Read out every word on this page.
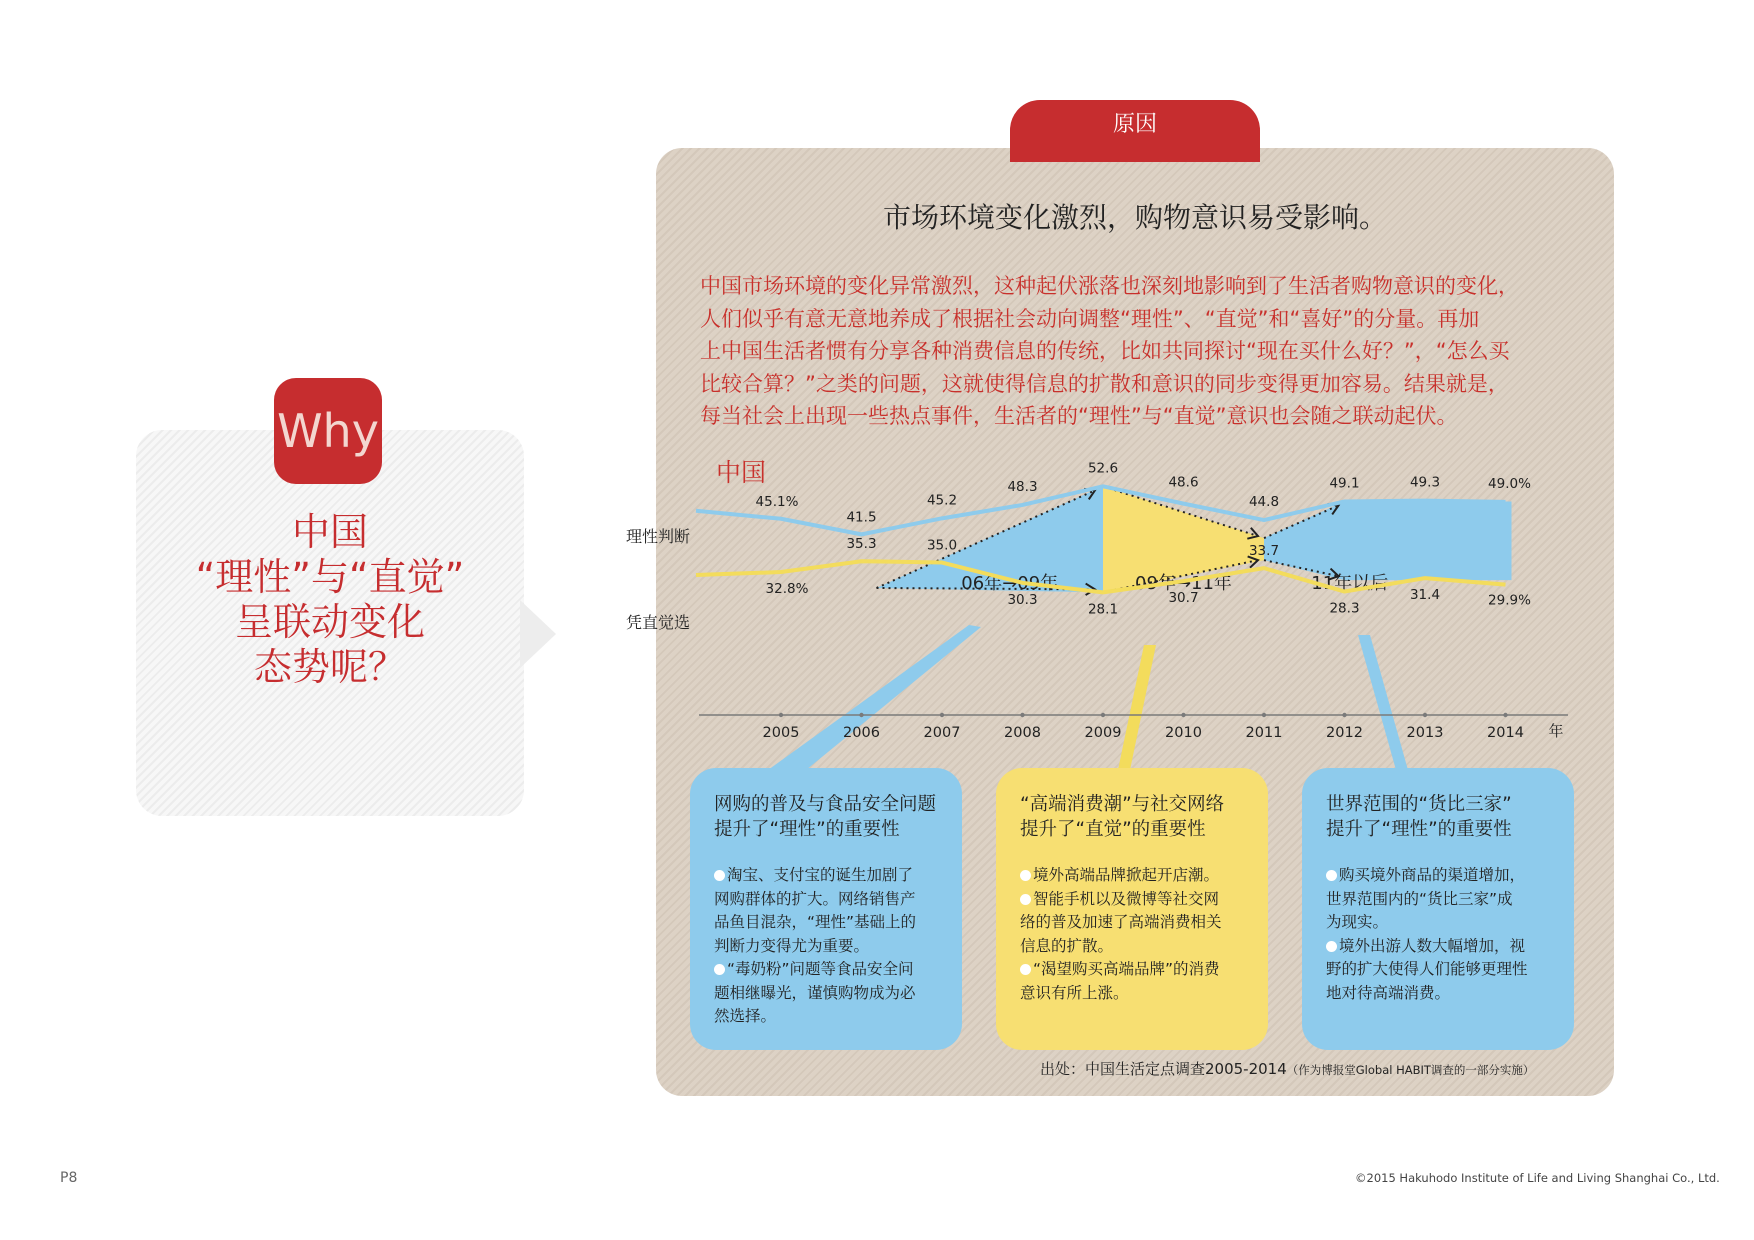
Why
中国
“理性”与“直觉”
呈联动变化
态势呢？
原因
市场环境变化激烈，购物意识易受影响。
中国市场环境的变化异常激烈，这种起伏涨落也深刻地影响到了生活者购物意识的变化，
人们似乎有意无意地养成了根据社会动向调整“理性”、“直觉”和“喜好”的分量。再加
上中国生活者惯有分享各种消费信息的传统，比如共同探讨“现在买什么好？”，“怎么买
比较合算？”之类的问题，这就使得信息的扩散和意识的同步变得更加容易。结果就是，
每当社会上出现一些热点事件，生活者的“理性”与“直觉”意识也会随之联动起伏。
06年→09年	09年→11年	11年以后
2005	2006	2007	2008	2009	2010	2011	2012	2013	2014 年
中国
理性判断
凭直觉选
45.1%
41.5
45.2
48.3
52.6
48.6
44.8
49.1	49.3	49.0%
32.8%
35.3	35.0
30.3
28.1
30.7
33.7
28.3
31.4	29.9%
网购的普及与食品安全问题
提升了“理性”的重要性
淘宝、支付宝的诞生加剧了
网购群体的扩大。网络销售产
品鱼目混杂，“理性”基础上的
判断力变得尤为重要。
“毒奶粉”问题等食品安全问
题相继曝光，谨慎购物成为必
然选择。
“高端消费潮”与社交网络
提升了“直觉”的重要性
境外高端品牌掀起开店潮。
智能手机以及微博等社交网
络的普及加速了高端消费相关
信息的扩散。
“渴望购买高端品牌”的消费
意识有所上涨。
世界范围的“货比三家”
提升了“理性”的重要性
购买境外商品的渠道增加，
世界范围内的“货比三家”成
为现实。
境外出游人数大幅增加，视
野的扩大使得人们能够更理性
地对待高端消费。
出处：中国生活定点调查2005-2014（作为博报堂Global HABIT调查的一部分实施）
P8	©2015 Hakuhodo Institute of Life and Living Shanghai Co., Ltd.
